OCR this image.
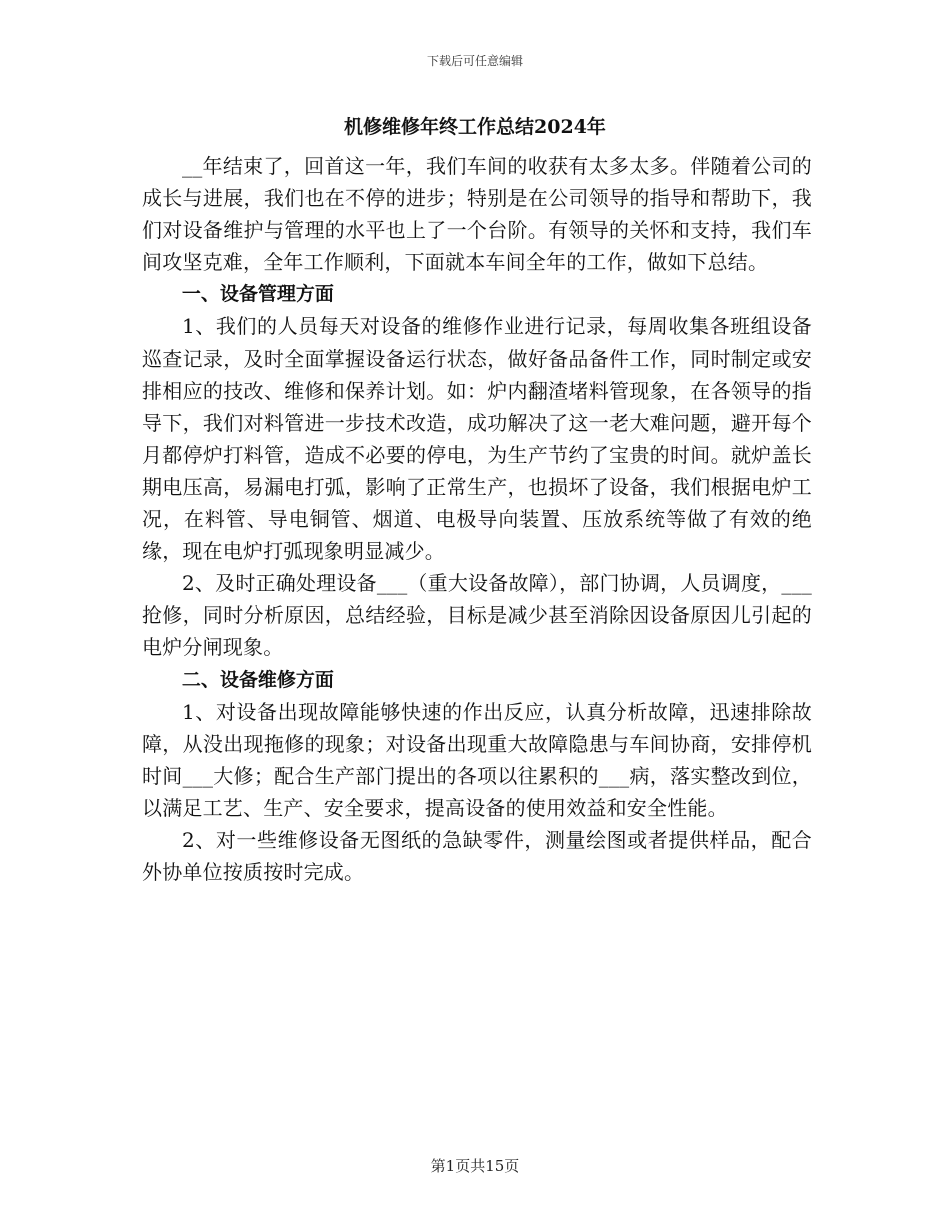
下载后可任意编辑
机修维修年终工作总结2024年

__年结束了，回首这一年，我们车间的收获有太多太多。伴随着公司的成长与进展，我们也在不停的进步；特别是在公司领导的指导和帮助下，我们对设备维护与管理的水平也上了一个台阶。有领导的关怀和支持，我们车间攻坚克难，全年工作顺利，下面就本车间全年的工作，做如下总结。

一、设备管理方面

1、我们的人员每天对设备的维修作业进行记录，每周收集各班组设备巡查记录，及时全面掌握设备运行状态，做好备品备件工作，同时制定或安排相应的技改、维修和保养计划。如：炉内翻渣堵料管现象，在各领导的指导下，我们对料管进一步技术改造，成功解决了这一老大难问题，避开每个月都停炉打料管，造成不必要的停电，为生产节约了宝贵的时间。就炉盖长期电压高，易漏电打弧，影响了正常生产，也损坏了设备，我们根据电炉工况，在料管、导电铜管、烟道、电极导向装置、压放系统等做了有效的绝缘，现在电炉打弧现象明显减少。

2、及时正确处理设备___（重大设备故障），部门协调，人员调度，___抢修，同时分析原因，总结经验，目标是减少甚至消除因设备原因儿引起的电炉分闸现象。

二、设备维修方面

1、对设备出现故障能够快速的作出反应，认真分析故障，迅速排除故障，从没出现拖修的现象；对设备出现重大故障隐患与车间协商，安排停机时间___大修；配合生产部门提出的各项以往累积的___病，落实整改到位，以满足工艺、生产、安全要求，提高设备的使用效益和安全性能。

2、对一些维修设备无图纸的急缺零件，测量绘图或者提供样品，配合外协单位按质按时完成。

第1页共15页
